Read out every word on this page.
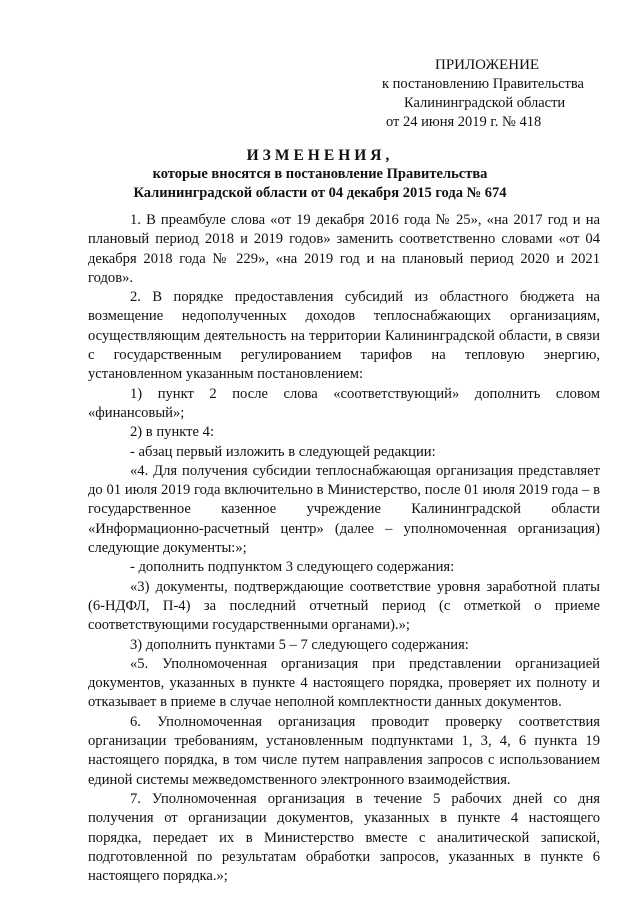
ПРИЛОЖЕНИЕ
к постановлению Правительства
Калининградской области
от 24 июня 2019 г. № 418
ИЗМЕНЕНИЯ,
которые вносятся в постановление Правительства
Калининградской области от 04 декабря 2015 года № 674

1. В преамбуле слова «от 19 декабря 2016 года № 25», «на 2017 год и на плановый период 2018 и 2019 годов» заменить соответственно словами «от 04 декабря 2018 года № 229», «на 2019 год и на плановый период 2020 и 2021 годов».

2. В порядке предоставления субсидий из областного бюджета на возмещение недополученных доходов теплоснабжающих организациям, осуществляющим деятельность на территории Калининградской области, в связи с государственным регулированием тарифов на тепловую энергию, установленном указанным постановлением:

1) пункт 2 после слова «соответствующий» дополнить словом «финансовый»;

2) в пункте 4:

- абзац первый изложить в следующей редакции:

«4. Для получения субсидии теплоснабжающая организация представляет до 01 июля 2019 года включительно в Министерство, после 01 июля 2019 года – в государственное казенное учреждение Калининградской области «Информационно-расчетный центр» (далее – уполномоченная организация) следующие документы:»;

- дополнить подпунктом 3 следующего содержания:

«3) документы, подтверждающие соответствие уровня заработной платы (6-НДФЛ, П-4) за последний отчетный период (с отметкой о приеме соответствующими государственными органами).»;

3) дополнить пунктами 5 – 7 следующего содержания:

«5. Уполномоченная организация при представлении организацией документов, указанных в пункте 4 настоящего порядка, проверяет их полноту и отказывает в приеме в случае неполной комплектности данных документов.

6. Уполномоченная организация проводит проверку соответствия организации требованиям, установленным подпунктами 1, 3, 4, 6 пункта 19 настоящего порядка, в том числе путем направления запросов с использованием единой системы межведомственного электронного взаимодействия.

7. Уполномоченная организация в течение 5 рабочих дней со дня получения от организации документов, указанных в пункте 4 настоящего порядка, передает их в Министерство вместе с аналитической запиской, подготовленной по результатам обработки запросов, указанных в пункте 6 настоящего порядка.»;
